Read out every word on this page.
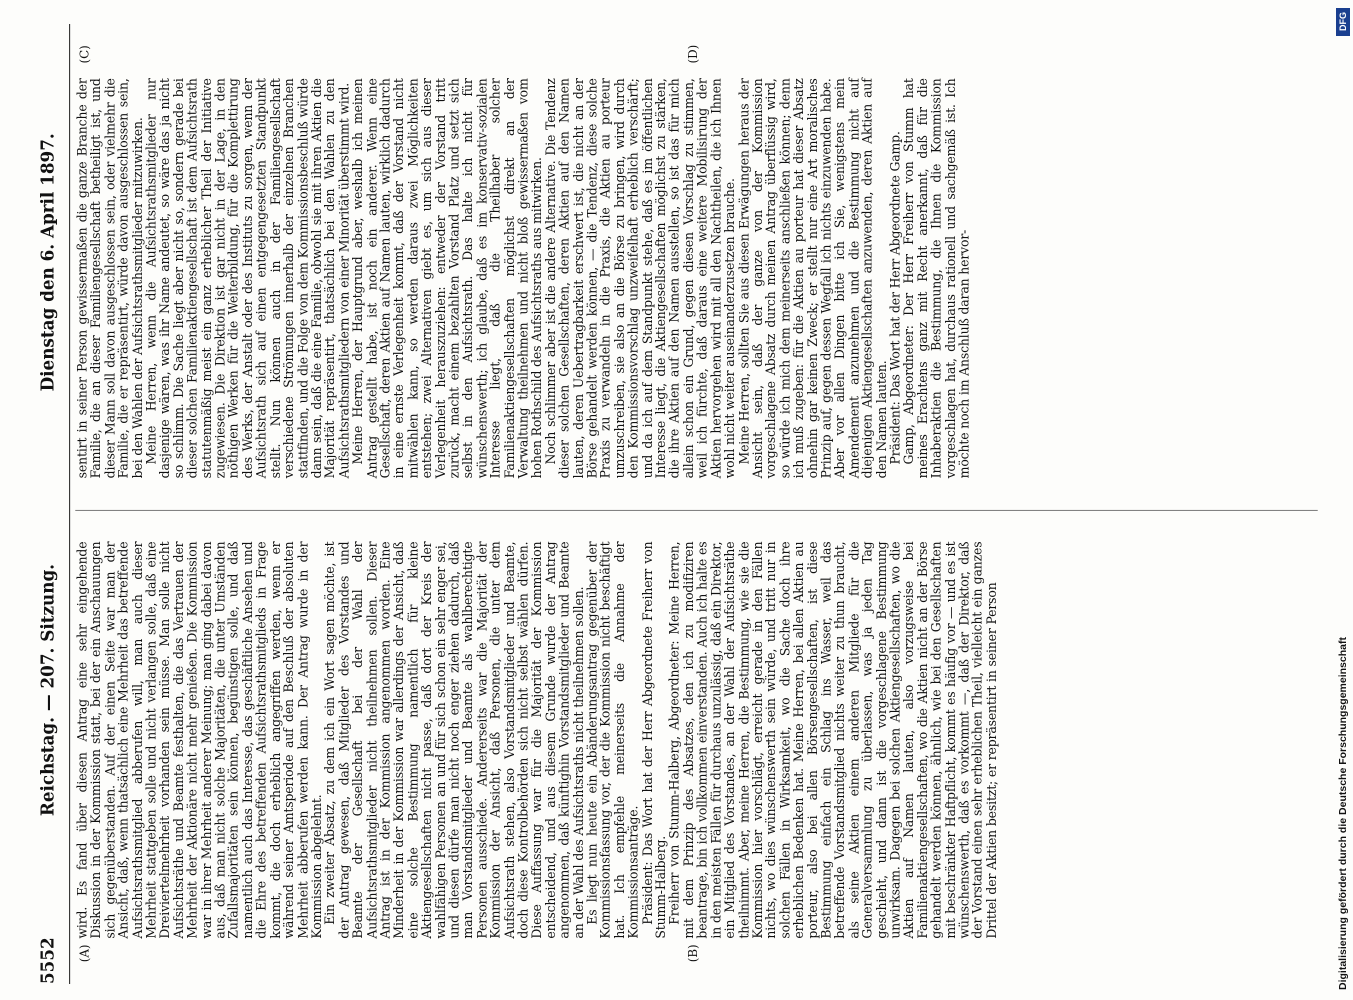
5552
Reichstag. — 207. Sitzung.
Dienstag den 6. April 1897.
(A)	(B)
(C)	(D)

wird. Es fand über diesen Antrag eine sehr eingehende Diskussion in der Kommission statt, bei der ein Anschauungen sich gegenüberstanden. Auf der einen Seite war man der Ansicht, daß, wenn thatsächlich eine Mehrheit das betreffende Aufsichtsrathsmitglied abberufen will, man auch dieser Mehrheit stattgeben solle und nicht verlangen solle, daß eine Dreiviertelmehrheit vorhanden sein müsse. Man solle nicht Aufsichtsräthe und Beamte festhalten, die das Vertrauen der Mehrheit der Aktionäre nicht mehr genießen. Die Kommission war in ihrer Mehrheit anderer Meinung; man ging dabei davon aus, daß man nicht solche Majoritäten, die unter Umständen Zufallsmajoritäten sein können, begünstigen solle, und daß namentlich auch das Interesse, das geschäftliche Ansehen und die Ehre des betreffenden Aufsichtsrathsmitglieds in Frage kommt, die doch erheblich angegriffen werden, wenn er während seiner Amtsperiode auf den Beschluß der absoluten Mehrheit abberufen werden kann. Der Antrag wurde in der Kommission abgelehnt.

Ein zweiter Absatz, zu dem ich ein Wort sagen möchte, ist der Antrag gewesen, daß Mitglieder des Vorstandes und Beamte der Gesellschaft bei der Wahl der Aufsichtsrathsmitglieder nicht theilnehmen sollen. Dieser Antrag ist in der Kommission angenommen worden. Eine Minderheit in der Kommission war allerdings der Ansicht, daß eine solche Bestimmung namentlich für kleine Aktiengesellschaften nicht passe, daß dort der Kreis der wahlfähigen Personen an und für sich schon ein sehr enger sei, und diesen dürfe man nicht noch enger ziehen dadurch, daß man Vorstandsmitglieder und Beamte als wahlberechtigte Personen ausschiede. Andererseits war die Majorität der Kommission der Ansicht, daß Personen, die unter dem Aufsichtsrath stehen, also Vorstandsmitglieder und Beamte, doch diese Kontrolbehörden sich nicht selbst wählen dürfen. Diese Auffassung war für die Majorität der Kommission entscheidend, und aus diesem Grunde wurde der Antrag angenommen, daß künftighin Vorstandsmitglieder und Beamte an der Wahl des Aufsichtsraths nicht theilnehmen sollen.

Es liegt nun heute ein Abänderungsantrag gegenüber der Kommissionsfassung vor, der die Kommission nicht beschäftigt hat. Ich empfehle meinerseits die Annahme der Kommissionsanträge.

Präsident: Das Wort hat der Herr Abgeordnete Freiherr von Stumm-Halberg.

Freiherr von Stumm-Halberg, Abgeordneter: Meine Herren, mit dem Prinzip des Absatzes, den ich zu modifiziren beantrage, bin ich vollkommen einverstanden. Auch ich halte es in den meisten Fällen für durchaus unzulässig, daß ein Direktor, ein Mitglied des Vorstandes, an der Wahl der Aufsichtsräthe theilnimmt. Aber, meine Herren, die Bestimmung, wie sie die Kommission hier vorschlägt, erreicht gerade in den Fällen nichts, wo dies wünschenswerth sein würde, und tritt nur in solchen Fällen in Wirksamkeit, wo die Sache doch ihre erheblichen Bedenken hat. Meine Herren, bei allen Aktien au porteur, also bei allen Börsengesellschaften, ist diese Bestimmung einfach ein Schlag ins Wasser, weil das betreffende Vorstandsmitglied nichts weiter zu thun braucht, als seine Aktien einem anderen Mitgliede für die Generalversammlung zu überlassen, was ja jeden Tag geschieht, und dann ist die vorgeschlagene Bestimmung unwirksam. Dagegen bei solchen Aktiengesellschaften, wo die Aktien auf Namen lauten, also vorzugsweise bei Familienaktiengesellschaften, wo die Aktien nicht an der Börse gehandelt werden können, ähnlich, wie bei den Gesellschaften mit beschränkter Haftpflicht, kommt es häufig vor — und es ist wünschenswerth, daß es vorkommt —, daß der Direktor, daß der Vorstand einen sehr erheblichen Theil, vielleicht ein ganzes Drittel der Aktien besitzt; er repräsentirt in seiner Person

sentirt in seiner Person gewissermaßen die ganze Branche der Familie, die an dieser Familiengesellschaft betheiligt ist, und dieser Mann soll davon ausgeschlossen sein, oder vielmehr die Familie, die er repräsentirt, würde davon ausgeschlossen sein, bei den Wahlen der Aufsichtsrathsmitglieder mitzuwirken.

Meine Herren, wenn die Aufsichtsrathsmitglieder nur dasjenige wären, was ihr Name andeutet, so wäre das ja nicht so schlimm. Die Sache liegt aber nicht so, sondern gerade bei dieser solchen Familienaktiengesellschaft ist dem Aufsichtsrath statutenmäßig meist ein ganz erheblicher Theil der Initiative zugewiesen. Die Direktion ist gar nicht in der Lage, in den nöthigen Werken für die Weiterbildung, für die Komplettirung des Werks, der Anstalt oder des Instituts zu sorgen, wenn der Aufsichtsrath sich auf einen entgegengesetzten Standpunkt stellt. Nun können auch in der Familiengesellschaft verschiedene Strömungen innerhalb der einzelnen Branchen stattfinden, und die Folge von dem Kommissionsbeschluß würde dann sein, daß die eine Familie, obwohl sie mit ihren Aktien die Majorität repräsentirt, thatsächlich bei den Wahlen zu den Aufsichtsrathsmitgliedern von einer Minorität überstimmt wird.

Meine Herren, der Hauptgrund aber, weshalb ich meinen Antrag gestellt habe, ist noch ein anderer. Wenn eine Gesellschaft, deren Aktien auf Namen lauten, wirklich dadurch in eine ernste Verlegenheit kommt, daß der Vorstand nicht mitwählen kann, so werden daraus zwei Möglichkeiten entstehen; zwei Alternativen giebt es, um sich aus dieser Verlegenheit herauszuziehen: entweder der Vorstand tritt zurück, macht einem bezahlten Vorstand Platz und setzt sich selbst in den Aufsichtsrath. Das halte ich nicht für wünschenswerth; ich glaube, daß es im konservativ-sozialen Interesse liegt, daß die Theilhaber solcher Familienaktiengesellschaften möglichst direkt an der Verwaltung theilnehmen und nicht bloß gewissermaßen vom hohen Rothschild des Aufsichtsraths aus mitwirken.

Noch schlimmer aber ist die andere Alternative. Die Tendenz dieser solchen Gesellschaften, deren Aktien auf den Namen lauten, deren Uebertragbarkeit erschwert ist, die nicht an der Börse gehandelt werden können, — die Tendenz, diese solche Praxis zu verwandeln in die Praxis, die Aktien au porteur umzuschreiben, sie also an die Börse zu bringen, wird durch den Kommissionsvorschlag unzweifelhaft erheblich verschärft; und da ich auf dem Standpunkt stehe, daß es im öffentlichen Interesse liegt, die Aktiengesellschaften möglichst zu stärken, die ihre Aktien auf den Namen ausstellen, so ist das für mich allein schon ein Grund, gegen diesen Vorschlag zu stimmen, weil ich fürchte, daß daraus eine weitere Mobilisirung der Aktien hervorgehen wird mit all den Nachtheilen, die ich Ihnen wohl nicht weiter auseinanderzusetzen brauche.

Meine Herren, sollten Sie aus diesen Erwägungen heraus der Ansicht sein, daß der ganze von der Kommission vorgeschlagene Absatz durch meinen Antrag überflüssig wird, so würde ich mich dem meinerseits anschließen können; denn ich muß zugeben: für die Aktien au porteur hat dieser Absatz ohnehin gar keinen Zweck; er stellt nur eine Art moralisches Prinzip auf, gegen dessen Wegfall ich nichts einzuwenden habe. Aber vor allen Dingen bitte ich Sie, wenigstens mein Amendement anzunehmen und die Bestimmung nicht auf diejenigen Aktiengesellschaften anzuwenden, deren Aktien auf den Namen lauten.

Präsident: Das Wort hat der Herr Abgeordnete Gamp.

Gamp, Abgeordneter: Der Herr Freiherr von Stumm hat meines Erachtens ganz mit Recht anerkannt, daß für die Inhaberaktien die Bestimmung, die Ihnen die Kommission vorgeschlagen hat, durchaus rationell und sachgemäß ist. Ich möchte noch im Anschluß daran hervor-

DFG
Digitalisierung gefördert durch die Deutsche Forschungsgemeinschaft
